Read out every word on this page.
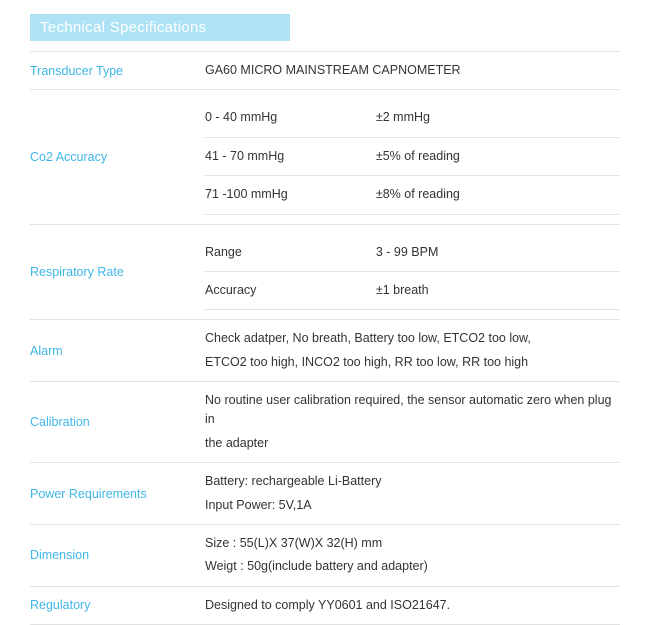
Technical Specifications
Transducer Type	GA60 MICRO MAINSTREAM CAPNOMETER

Co2 Accuracy	
0 - 40 mmHg	±2 mmHg
41 - 70 mmHg	±5% of reading
71 -100 mmHg	±8% of reading

Respiratory Rate	
Range	3 - 99 BPM
Accuracy	±1 breath

Alarm	
Check adatper, No breath, Battery too low, ETCO2 too low,
ETCO2 too high, INCO2 too high, RR too low, RR too high

Calibration	
No routine user calibration required, the sensor automatic zero when plug in
the adapter

Power Requirements	
Battery: rechargeable Li-Battery
Input Power: 5V,1A

Dimension	
Size : 55(L)X 37(W)X 32(H) mm
Weigt : 50g(include battery and adapter)

Regulatory	Designed to comply YY0601 and ISO21647.
